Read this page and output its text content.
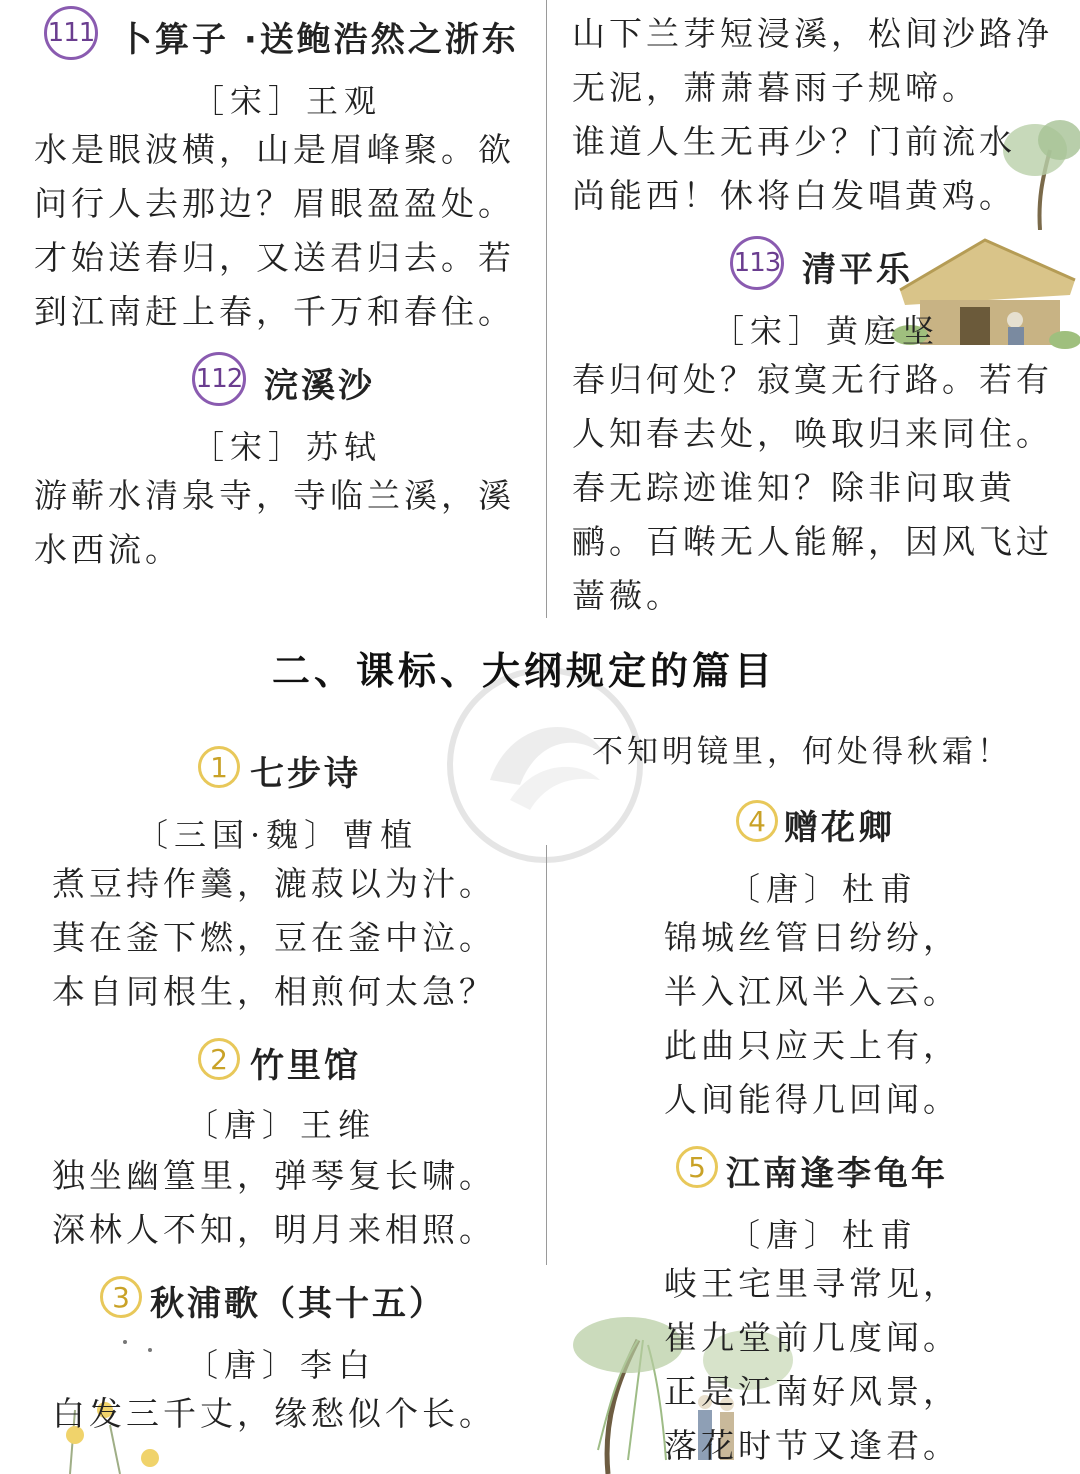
111 卜算子 ·送鲍浩然之浙东
［宋］王观
水是眼波横，山是眉峰聚。欲
问行人去那边？眉眼盈盈处。
才始送春归，又送君归去。若
到江南赶上春，千万和春住。
112 浣溪沙
［宋］苏轼
游蕲水清泉寺，寺临兰溪，溪
水西流。
山下兰芽短浸溪，松间沙路净
无泥，萧萧暮雨子规啼。
谁道人生无再少？门前流水
尚能西！休将白发唱黄鸡。
113 清平乐
［宋］黄庭坚
春归何处？寂寞无行路。若有
人知春去处，唤取归来同住。
春无踪迹谁知？除非问取黄
鹂。百啭无人能解，因风飞过
蔷薇。
二、课标、大纲规定的篇目
1 七步诗
〔三国·魏〕曹植
煮豆持作羹，漉菽以为汁。
萁在釜下燃，豆在釜中泣。
本自同根生，相煎何太急？
2 竹里馆
〔唐〕王维
独坐幽篁里，弹琴复长啸。
深林人不知，明月来相照。
3 秋浦歌（其十五）
〔唐〕李白
白发三千丈，缘愁似个长。
不知明镜里，何处得秋霜！
4 赠花卿
〔唐〕杜甫
锦城丝管日纷纷，
半入江风半入云。
此曲只应天上有，
人间能得几回闻。
5 江南逢李龟年
〔唐〕杜甫
岐王宅里寻常见，
崔九堂前几度闻。
正是江南好风景，
落花时节又逢君。
